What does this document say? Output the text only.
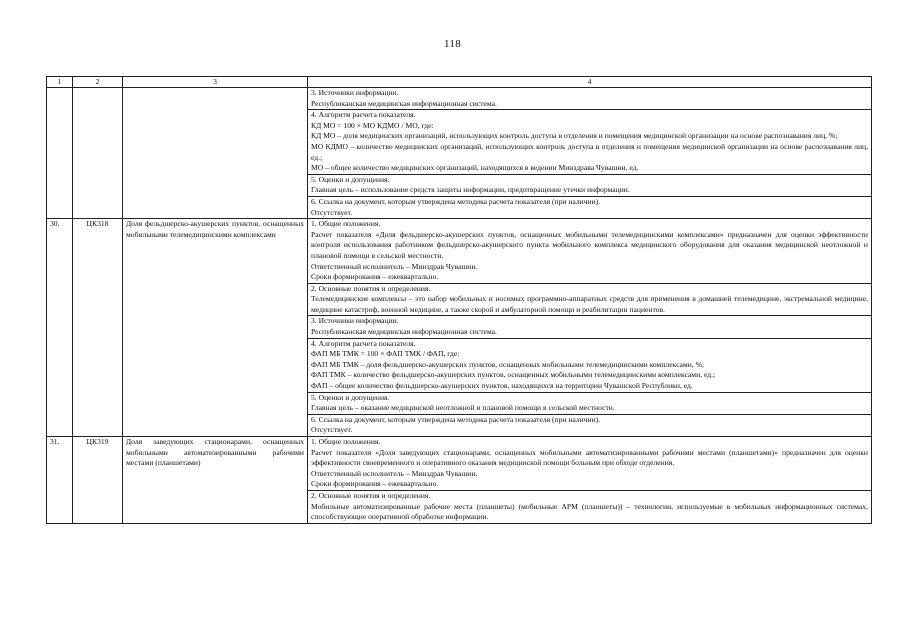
118
1	2	3	4

			3. Источники информации.
Республиканская медицинская информационная система.

			4. Алгоритм расчета показателя.
КД МО = 100 × МО КДМО / МО, где:
КД МО – доля медицинских организаций, использующих контроль доступа в отделения и помещения медицинской организации на основе распознавания лиц, %;
МО КДМО – количество медицинских организаций, использующих контроль доступа в отделения и помещения медицинской организации на основе распознавания лиц, ед.;
МО – общее количество медицинских организаций, находящихся в ведении Минздрава Чувашии, ед.

			5. Оценки и допущения.
Главная цель – использование средств защиты информации, предотвращение утечки информации.

			6. Ссылка на документ, которым утверждена методика расчета показателя (при наличии).
Отсутствует.

30.	ЦК318	Доля фельдшерско-акушерских пунктов, оснащенных мобильными телемедицинскими комплексами	1. Общие положения.
Расчет показателя «Доля фельдшерско-акушерских пунктов, оснащенных мобильными телемедицинскими комплексами» предназначен для оценки эффективности контроля использования работником фельдшерско-акушерского пункта мобильного комплекса медицинского оборудования для оказания медицинской неотложной и плановой помощи в сельской местности.
Ответственный исполнитель – Минздрав Чувашии.
Сроки формирования – ежеквартально.

			2. Основные понятия и определения.
Телемедицинские комплексы – это набор мобильных и носимых программно-аппаратных средств для применения в домашней телемедицине, экстремальной медицине, медицине катастроф, военной медицине, а также скорой и амбулаторной помощи и реабилитации пациентов.

			3. Источники информации.
Республиканская медицинская информационная система.

			4. Алгоритм расчета показателя.
ФАП МБ ТМК = 100 × ФАП ТМК / ФАП, где:
ФАП МБ ТМК – доля фельдшерско-акушерских пунктов, оснащенных мобильными телемедицинскими комплексами, %;
ФАП ТМК – количество фельдшерско-акушерских пунктов, оснащенных мобильными телемедицинскими комплексами, ед.;
ФАП – общее количество фельдшерско-акушерских пунктов, находящихся на территории Чувашской Республики, ед.

			5. Оценки и допущения.
Главная цель – оказание медицинской неотложной и плановой помощи в сельской местности.

			6. Ссылка на документ, которым утверждена методика расчета показателя (при наличии).
Отсутствует.

31.	ЦК319	Доля заведующих стационарами, оснащенных мобильными автоматизированными рабочими местами (планшетами)	1. Общие положения.
Расчет показателя «Доля заведующих стационарами, оснащенных мобильными автоматизированными рабочими местами (планшетами)» предназначен для оценки эффективности своевременного и оперативного оказания медицинской помощи больным при обходе отделения.
Ответственный исполнитель – Минздрав Чувашии.
Сроки формирования – ежеквартально.

			2. Основные понятия и определения.
Мобильные автоматизированные рабочие места (планшеты) (мобильные АРМ (планшеты)) – технологии, используемые в мобильных информационных системах, способствующие оперативной обработке информации.
